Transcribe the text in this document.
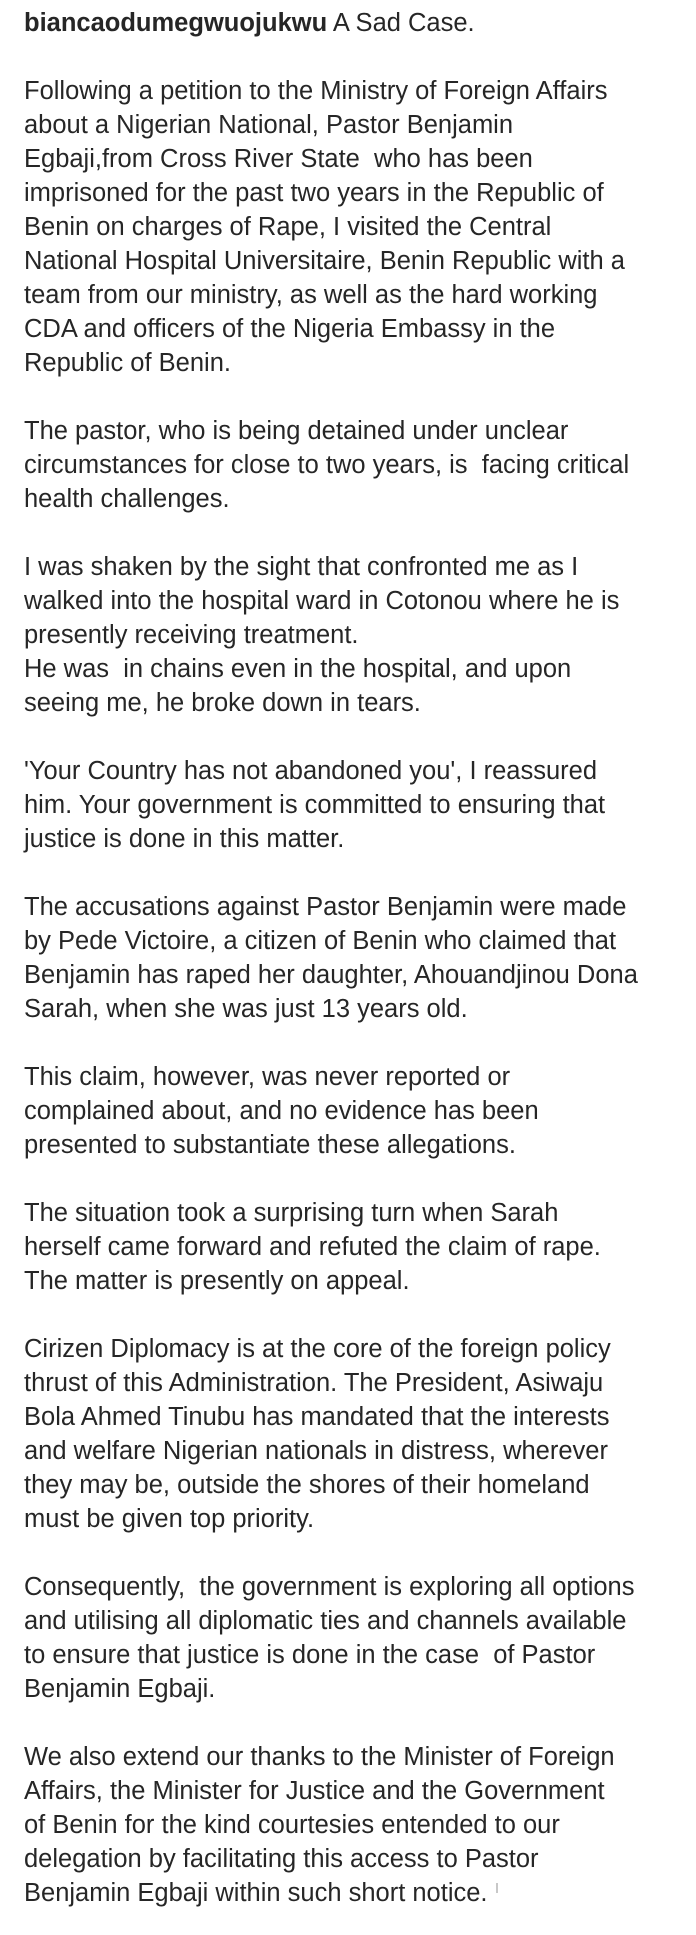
biancaodumegwuojukwu A Sad Case.
Following a petition to the Ministry of Foreign Affairs
about a Nigerian National, Pastor Benjamin
Egbaji,from Cross River State  who has been
imprisoned for the past two years in the Republic of
Benin on charges of Rape, I visited the Central
National Hospital Universitaire, Benin Republic with a
team from our ministry, as well as the hard working
CDA and officers of the Nigeria Embassy in the
Republic of Benin.
The pastor, who is being detained under unclear
circumstances for close to two years, is  facing critical
health challenges.
I was shaken by the sight that confronted me as I
walked into the hospital ward in Cotonou where he is
presently receiving treatment.
He was  in chains even in the hospital, and upon
seeing me, he broke down in tears.
'Your Country has not abandoned you', I reassured
him. Your government is committed to ensuring that
justice is done in this matter.
The accusations against Pastor Benjamin were made
by Pede Victoire, a citizen of Benin who claimed that
Benjamin has raped her daughter, Ahouandjinou Dona
Sarah, when she was just 13 years old.
This claim, however, was never reported or
complained about, and no evidence has been
presented to substantiate these allegations.
The situation took a surprising turn when Sarah
herself came forward and refuted the claim of rape.
The matter is presently on appeal.
Cirizen Diplomacy is at the core of the foreign policy
thrust of this Administration. The President, Asiwaju
Bola Ahmed Tinubu has mandated that the interests
and welfare Nigerian nationals in distress, wherever
they may be, outside the shores of their homeland
must be given top priority.
Consequently,  the government is exploring all options
and utilising all diplomatic ties and channels available
to ensure that justice is done in the case  of Pastor
Benjamin Egbaji.
We also extend our thanks to the Minister of Foreign
Affairs, the Minister for Justice and the Government
of Benin for the kind courtesies entended to our
delegation by facilitating this access to Pastor
Benjamin Egbaji within such short notice.
